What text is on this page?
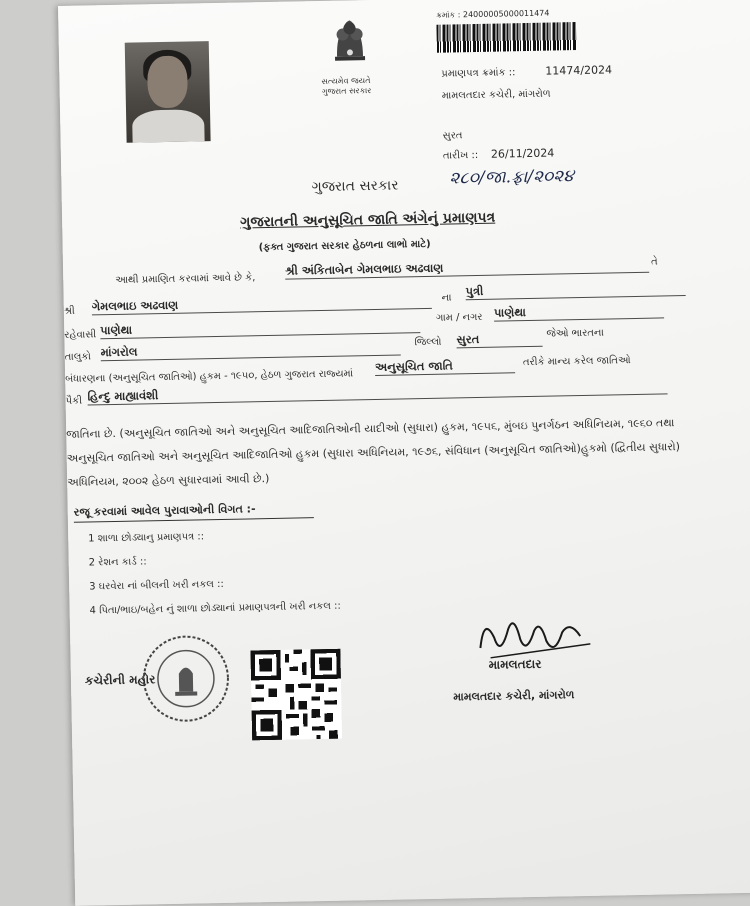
સત્યમેવ જયતે
ગુજરાત સરકાર
ક્રમાંક : 24000005000011474
પ્રમાણપત્ર ક્રમાંક ::	11474/2024
મામલતદાર કચેરી, માંગરોળ
સુરત
તારીખ :: 26/11/2024
૨૮૦/જા.ફ્રા/૨૦૨૪
ગુજરાત સરકાર
ગુજરાતની અનુસૂચિત જાતિ અંગેનું પ્રમાણપત્ર
(ફક્ત ગુજરાત સરકાર હેઠળના લાભો માટે)
આથી પ્રમાણિત કરવામાં આવે છે કે,
શ્રી અંકિતાબેન ગેમલભાઇ અઢવાણ	તે
શ્રી ગેમલભાઇ અઢવાણ	ના પુત્રી
રહેવાસી પાણેથા
ગામ / નગર પાણેથા
તાલુકો માંગરોલ
જિલ્લો સુરત	જેઓ ભારતના
બંધારણના (અનુસૂચિત જાતિઓ) હુકમ - ૧૯૫૦, હેઠળ ગુજરાત રાજ્યમાં
અનુસૂચિત જાતિ	તરીકે માન્ય કરેલ જાતિઓ
પૈકી હિન્દુ માહ્યાવંશી
જાતિના છે. (અનુસૂચિત જાતિઓ અને અનુસૂચિત આદિજાતિઓની યાદીઓ (સુધારા) હુકમ, ૧૯૫૬, મુંબઇ પુનર્ગઠન અધિનિયમ, ૧૯૬૦ તથા
અનુસૂચિત જાતિઓ અને અનુસૂચિત આદિજાતિઓ હુકમ (સુધારા અધિનિયમ, ૧૯૭૬, સંવિધાન (અનુસૂચિત જાતિઓ)હુકમો (દ્વિતીય સુધારો)
અધિનિયમ, ૨૦૦૨ હેઠળ સુધારવામાં આવી છે.)
રજૂ કરવામાં આવેલ પુરાવાઓની વિગત :-
1 શાળા છોડ્યાનુ પ્રમાણપત્ર ::
2 રેશન કાર્ડ ::
3 ઘરવેરા નાં બીલની ખરી નકલ ::
4 પિતા/ભાઇ/બહેન નું શાળા છોડ્યાનાં પ્રમાણપત્રની ખરી નકલ ::
કચેરીની મહોર
મામલતદાર
મામલતદાર કચેરી, માંગરોળ
